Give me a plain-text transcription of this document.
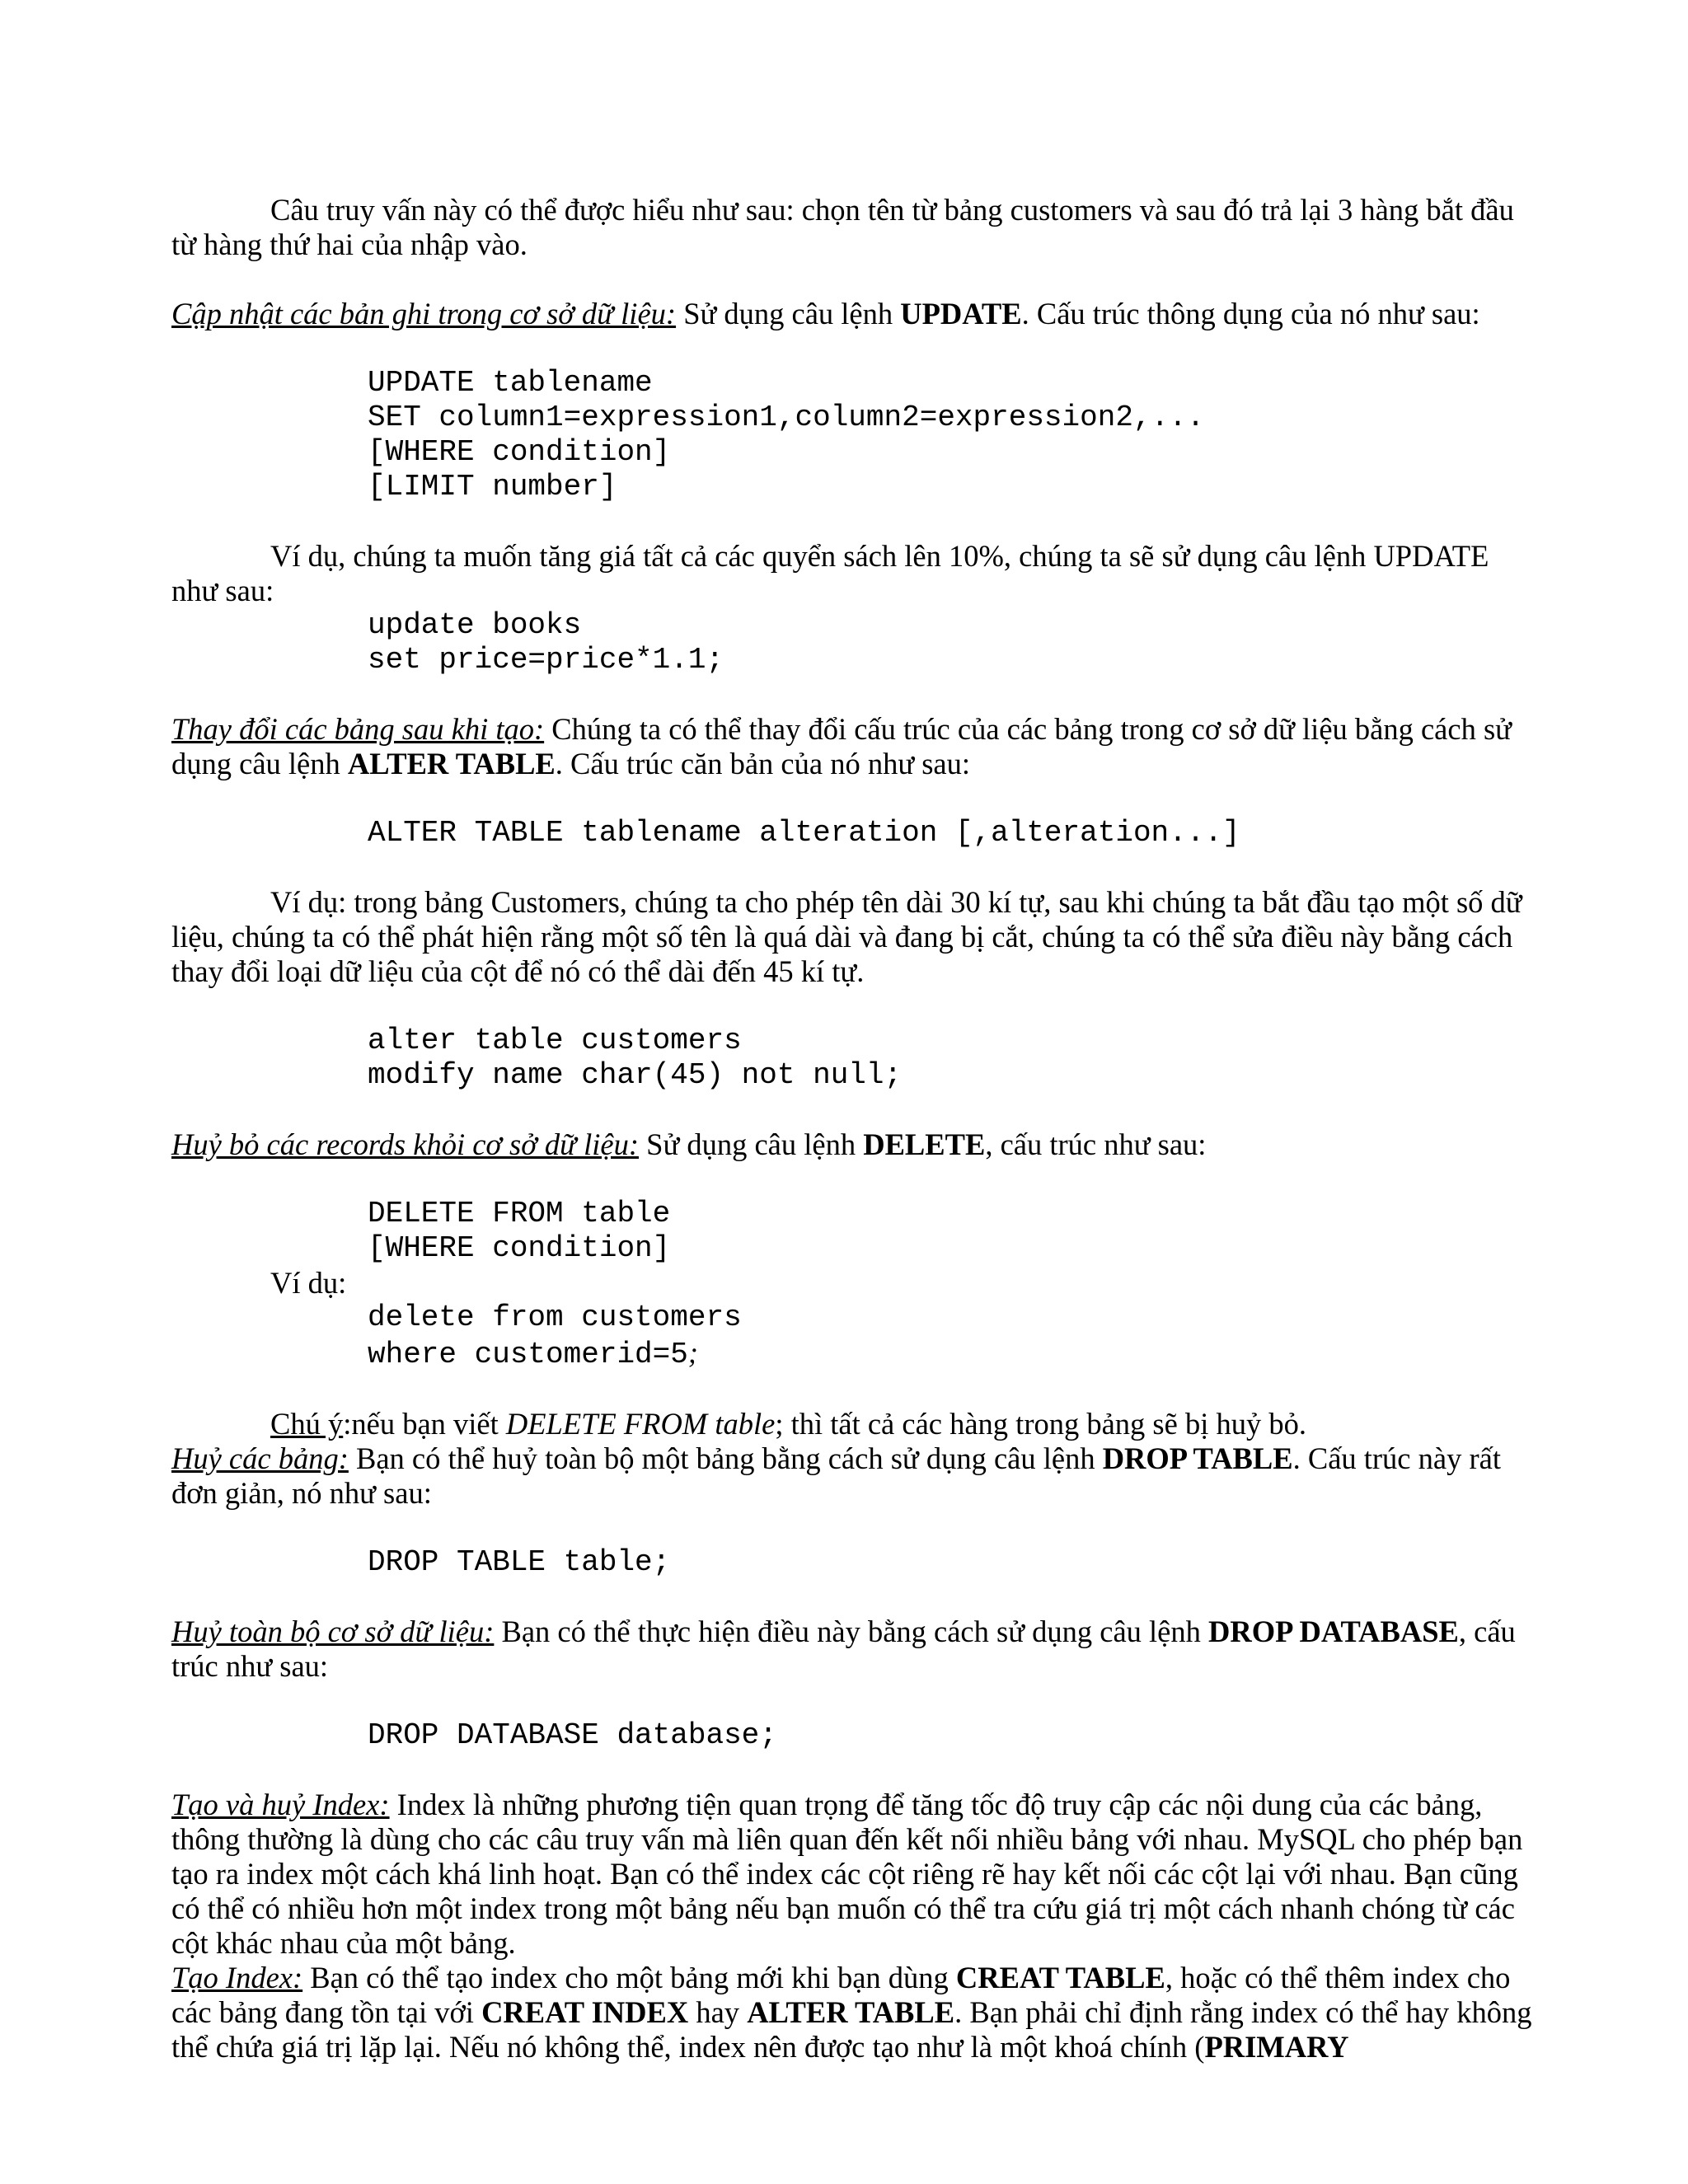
Câu truy vấn này có thể được hiểu như sau: chọn tên từ bảng customers và sau đó trả lại 3 hàng bắt đầu từ hàng thứ hai của nhập vào.

Cập nhật các bản ghi trong cơ sở dữ liệu: Sử dụng câu lệnh UPDATE. Cấu trúc thông dụng của nó như sau:

UPDATE tablename
SET column1=expression1,column2=expression2,...
[WHERE condition]
[LIMIT number]

Ví dụ, chúng ta muốn tăng giá tất cả các quyển sách lên 10%, chúng ta sẽ sử dụng câu lệnh UPDATE như sau:

update books
set price=price*1.1;

Thay đổi các bảng sau khi tạo: Chúng ta có thể thay đổi cấu trúc của các bảng trong cơ sở dữ liệu bằng cách sử dụng câu lệnh ALTER TABLE. Cấu trúc căn bản của nó như sau:

ALTER TABLE tablename alteration [,alteration...]

Ví dụ: trong bảng Customers, chúng ta cho phép tên dài 30 kí tự, sau khi chúng ta bắt đầu tạo một số dữ liệu, chúng ta có thể phát hiện rằng một số tên là quá dài và đang bị cắt, chúng ta có thể sửa điều này bằng cách thay đổi loại dữ liệu của cột để nó có thể dài đến 45 kí tự.

alter table customers
modify name char(45) not null;

Huỷ bỏ các records khỏi cơ sở dữ liệu: Sử dụng câu lệnh DELETE, cấu trúc như sau:

DELETE FROM table
[WHERE condition]

Ví dụ:

delete from customers
where customerid=5;

Chú ý:nếu bạn viết DELETE FROM table; thì tất cả các hàng trong bảng sẽ bị huỷ bỏ.

Huỷ các bảng: Bạn có thể huỷ toàn bộ một bảng bằng cách sử dụng câu lệnh DROP TABLE. Cấu trúc này rất đơn giản, nó như sau:

DROP TABLE table;

Huỷ toàn bộ cơ sở dữ liệu: Bạn có thể thực hiện điều này bằng cách sử dụng câu lệnh DROP DATABASE, cấu trúc như sau:

DROP DATABASE database;

Tạo và huỷ Index: Index là những phương tiện quan trọng để tăng tốc độ truy cập các nội dung của các bảng, thông thường là dùng cho các câu truy vấn mà liên quan đến kết nối nhiều bảng với nhau. MySQL cho phép bạn tạo ra index một cách khá linh hoạt. Bạn có thể index các cột riêng rẽ hay kết nối các cột lại với nhau. Bạn cũng có thể có nhiều hơn một index trong một bảng nếu bạn muốn có thể tra cứu giá trị một cách nhanh chóng từ các cột khác nhau của một bảng.

Tạo Index: Bạn có thể tạo index cho một bảng mới khi bạn dùng CREAT TABLE, hoặc có thể thêm index cho các bảng đang tồn tại với CREAT INDEX hay ALTER TABLE. Bạn phải chỉ định rằng index có thể hay không thể chứa giá trị lặp lại. Nếu nó không thể, index nên được tạo như là một khoá chính (PRIMARY
